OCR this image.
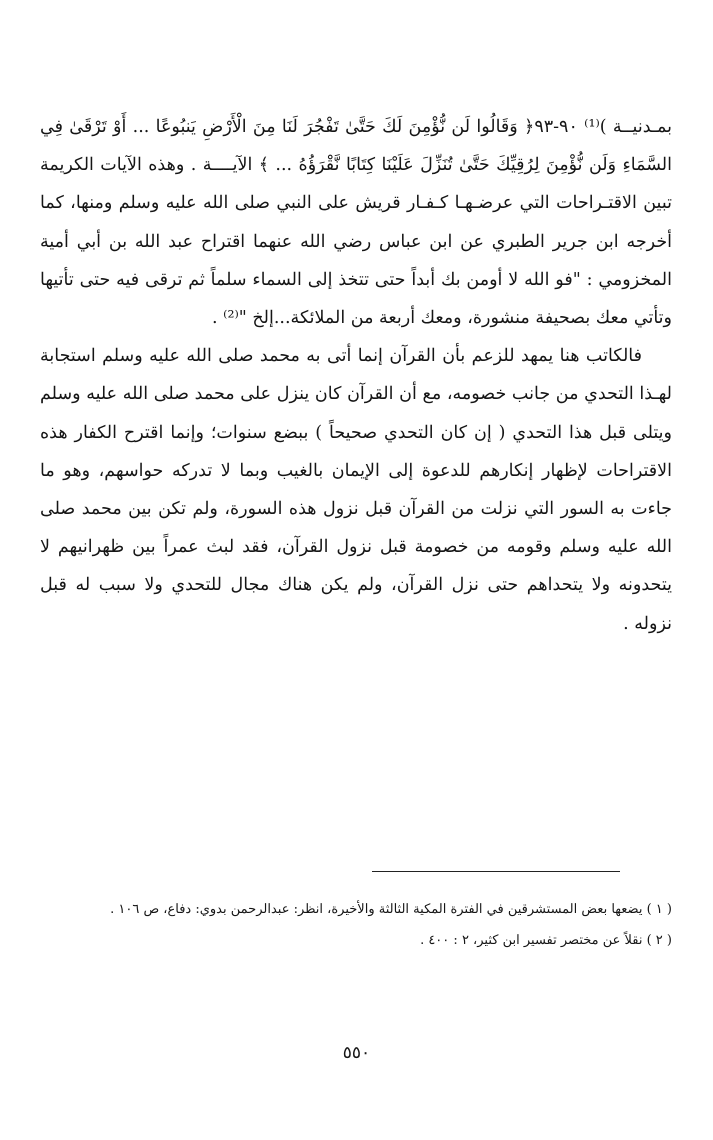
بمـدنيــة )⁽¹⁾ ٩٠-٩٣﴿ وَقَالُوا لَن نُّؤْمِنَ لَكَ حَتَّىٰ تَفْجُرَ لَنَا مِنَ الْأَرْضِ يَنبُوعًا ... أَوْ تَرْقَىٰ فِي السَّمَاءِ وَلَن نُّؤْمِنَ لِرُقِيِّكَ حَتَّىٰ تُنَزِّلَ عَلَيْنَا كِتَابًا نَّقْرَؤُهُ ... ﴾ الآيــــة . وهذه الآيات الكريمة تبين الاقتـراحات التي عرضـهـا كـفـار قريش على النبي صلى الله عليه وسلم ومنها، كما أخرجه ابن جرير الطبري عن ابن عباس رضي الله عنهما اقتراح عبد الله بن أبي أمية المخزومي : "فو الله لا أومن بك أبداً حتى تتخذ إلى السماء سلماً ثم ترقى فيه حتى تأتيها وتأتي معك بصحيفة منشورة، ومعك أربعة من الملائكة...إلخ "⁽²⁾ .

فالكاتب هنا يمهد للزعم بأن القرآن إنما أتى به محمد صلى الله عليه وسلم استجابة لهـذا التحدي من جانب خصومه، مع أن القرآن كان ينزل على محمد صلى الله عليه وسلم ويتلى قبل هذا التحدي ( إن كان التحدي صحيحاً ) ببضع سنوات؛ وإنما اقترح الكفار هذه الاقتراحات لإظهار إنكارهم للدعوة إلى الإيمان بالغيب وبما لا تدركه حواسهم، وهو ما جاءت به السور التي نزلت من القرآن قبل نزول هذه السورة، ولم تكن بين محمد صلى الله عليه وسلم وقومه من خصومة قبل نزول القرآن، فقد لبث عمراً بين ظهرانيهم لا يتحدونه ولا يتحداهم حتى نزل القرآن، ولم يكن هناك مجال للتحدي ولا سبب له قبل نزوله .

( ١ ) يضعها بعض المستشرقين في الفترة المكية الثالثة والأخيرة، انظر: عبدالرحمن بدوي: دفاع، ص ١٠٦ .

( ٢ ) نقلاً عن مختصر تفسير ابن كثير، ٢ : ٤٠٠ .

٥٥٠
